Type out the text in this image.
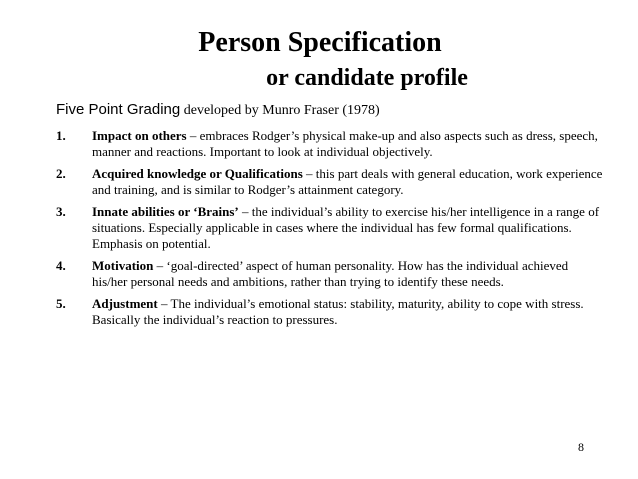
Person Specification
or candidate profile
Five Point Grading developed by Munro Fraser (1978)
1.	Impact on others – embraces Rodger’s physical make-up and also aspects such as dress, speech, manner and reactions. Important to look at individual objectively.
2.	Acquired knowledge or Qualifications – this part deals with general education, work experience and training, and is similar to Rodger’s attainment category.
3.	Innate abilities or ‘Brains’ – the individual’s ability to exercise his/her intelligence in a range of situations. Especially applicable in cases where the individual has few formal qualifications. Emphasis on potential.
4.	Motivation – ‘goal-directed’ aspect of human personality. How has the individual achieved his/her personal needs and ambitions, rather than trying to identify these needs.
5.	Adjustment – The individual’s emotional status: stability, maturity, ability to cope with stress. Basically the individual’s reaction to pressures.
8
